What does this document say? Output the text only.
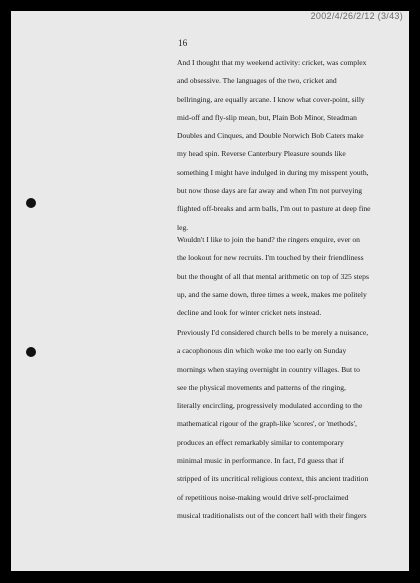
2002/4/26/2/12 (3/43)
16
And I thought that my weekend activity: cricket, was complex
and obsessive. The languages of the two, cricket and
bellringing, are equally arcane. I know what cover-point, silly
mid-off and fly-slip mean, but, Plain Bob Minor, Steadman
Doubles and Cinques, and Double Norwich Bob Caters make
my head spin. Reverse Canterbury Pleasure sounds like
something I might have indulged in during my misspent youth,
but now those days are far away and when I'm not purveying
flighted off-breaks and arm balls, I'm out to pasture at deep fine
leg.
Wouldn't I like to join the band? the ringers enquire, ever on
the lookout for new recruits. I'm touched by their friendliness
but the thought of all that mental arithmetic on top of 325 steps
up, and the same down, three times a week, makes me politely
decline and look for winter cricket nets instead.
Previously I'd considered church bells to be merely a nuisance,
a cacophonous din which woke me too early on Sunday
mornings when staying overnight in country villages. But to
see the physical movements and patterns of the ringing,
literally encircling, progressively modulated according to the
mathematical rigour of the graph-like 'scores', or 'methods',
produces an effect remarkably similar to contemporary
minimal music in performance. In fact, I'd guess that if
stripped of its uncritical religious context, this ancient tradition
of repetitious noise-making would drive self-proclaimed
musical traditionalists out of the concert hall with their fingers
